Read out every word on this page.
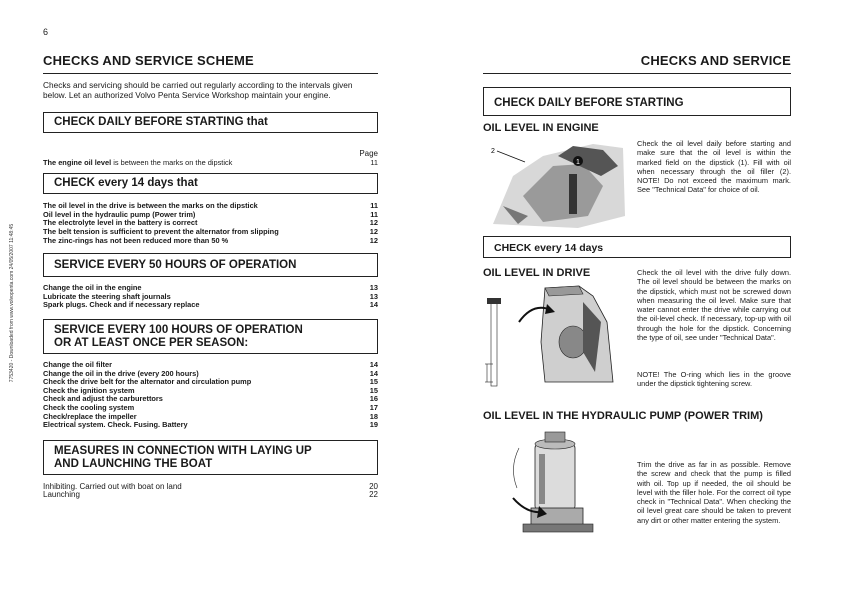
7753420 - Downloaded from www.volvopenta.com 24/05/2007 11:48:45
6
CHECKS AND SERVICE SCHEME
Checks and servicing should be carried out regularly according to the intervals given below. Let an authorized Volvo Penta Service Workshop maintain your engine.
CHECK DAILY BEFORE STARTING that
Page
The engine oil level is between the marks on the dipstick	11
CHECK every 14 days that
The oil level in the drive is between the marks on the dipstick	11
Oil level in the hydraulic pump (Power trim)	11
The electrolyte level in the battery is correct	12
The belt tension is sufficient to prevent the alternator from slipping	12
The zinc-rings has not been reduced more than 50 %	12
SERVICE EVERY 50 HOURS OF OPERATION
Change the oil in the engine	13
Lubricate the steering shaft journals	13
Spark plugs. Check and if necessary replace	14
SERVICE EVERY 100 HOURS OF OPERATION
OR AT LEAST ONCE PER SEASON:
Change the oil filter	14
Change the oil in the drive (every 200 hours)	14
Check the drive belt for the alternator and circulation pump	15
Check the ignition system	15
Check and adjust the carburettors	16
Check the cooling system	17
Check/replace the impeller	18
Electrical system. Check. Fusing. Battery	19
MEASURES IN CONNECTION WITH LAYING UP
AND LAUNCHING THE BOAT
Inhibiting. Carried out with boat on land	20
Launching	22
CHECKS AND SERVICE
CHECK DAILY BEFORE STARTING
OIL LEVEL IN ENGINE
2
1
Check the oil level daily before starting and make sure that the oil level is within the marked field on the dipstick (1). Fill with oil when necessary through the oil filler (2). NOTE! Do not exceed the maximum mark. See "Technical Data" for choice of oil.
CHECK every 14 days
OIL LEVEL IN DRIVE	Check the oil level with the drive fully down. The oil level should be between the marks on the dipstick, which must not be screwed down when measuring the oil level. Make sure that water cannot enter the drive while carrying out the oil-level check. If necessary, top-up with oil through the hole for the dipstick. Concerning the type of oil, see under "Technical Data".
NOTE! The O-ring which lies in the groove under the dipstick tightening screw.
OIL LEVEL IN THE HYDRAULIC PUMP (POWER TRIM)
Trim the drive as far in as possible. Remove the screw and check that the pump is filled with oil. Top up if needed, the oil should be level with the filler hole. For the correct oil type check in "Technical Data". When checking the oil level great care should be taken to prevent any dirt or other matter entering the system.
